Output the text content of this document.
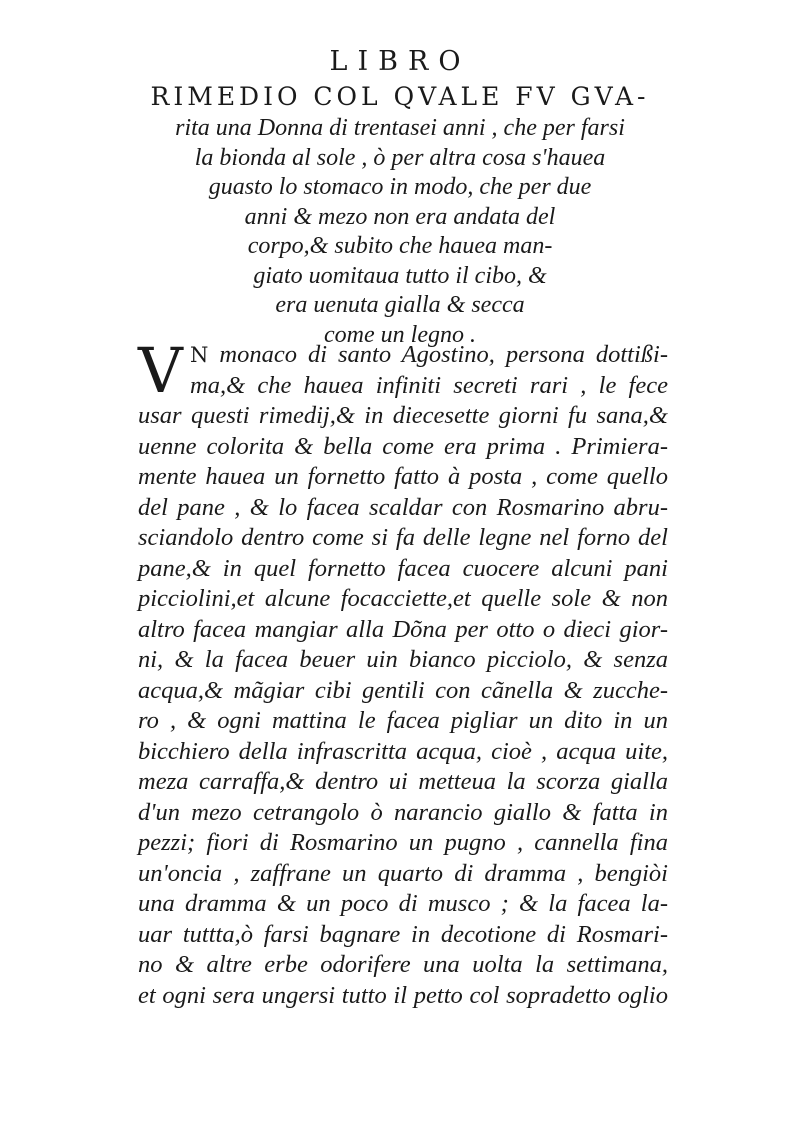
LIBRO
RIMEDIO COL QVALE FV GVA-
rita una Donna di trentasei anni , che per farsi
la bionda al sole , ò per altra cosa s'hauea
guasto lo stomaco in modo, che per due
anni & mezo non era andata del
corpo,& subito che hauea man-
giato uomitaua tutto il cibo, &
era uenuta gialla & secca
come un legno .
V N monaco di santo Agostino, persona dottißi-
ma,& che hauea infiniti secreti rari , le fece
usar questi rimedij,& in diecesette giorni fu sana,&
uenne colorita & bella come era prima . Primiera-
mente hauea un fornetto fatto à posta , come quello
del pane , & lo facea scaldar con Rosmarino abru-
sciandolo dentro come si fa delle legne nel forno del
pane,& in quel fornetto facea cuocere alcuni pani
picciolini,et alcune focacciette,et quelle sole & non
altro facea mangiar alla Dõna per otto o dieci gior-
ni, & la facea beuer uin bianco picciolo, & senza
acqua,& mãgiar cibi gentili con cãnella & zucche-
ro , & ogni mattina le facea pigliar un dito in un
bicchiero della infrascritta acqua, cioè , acqua uite,
meza carraffa,& dentro ui metteua la scorza gialla
d'un mezo cetrangolo ò narancio giallo & fatta in
pezzi; fiori di Rosmarino un pugno , cannella fina
un'oncia , zaffrane un quarto di dramma , bengiòi
una dramma & un poco di musco ; & la facea la-
uar tuttta,ò farsi bagnare in decotione di Rosmari-
no & altre erbe odorifere una uolta la settimana,
et ogni sera ungersi tutto il petto col sopradetto oglio
